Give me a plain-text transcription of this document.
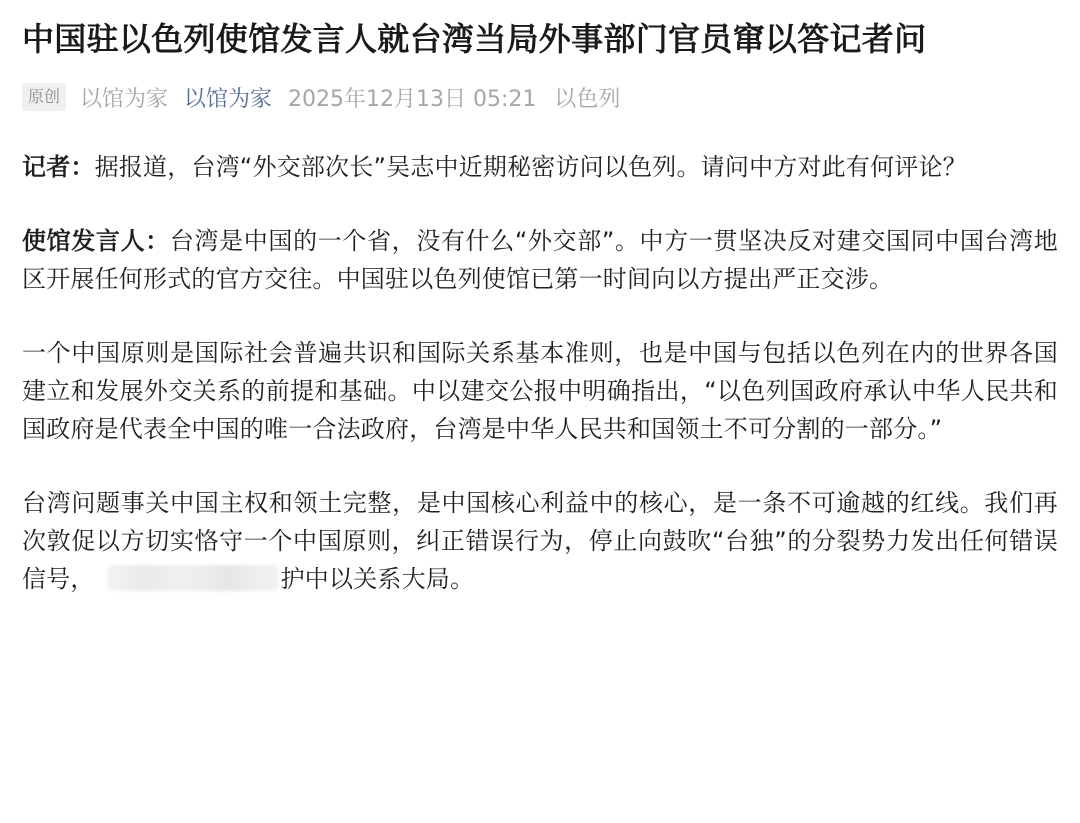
中国驻以色列使馆发言人就台湾当局外事部门官员窜以答记者问
原创 以馆为家 以馆为家 2025年12月13日 05:21 以色列

记者：据报道，台湾“外交部次长”吴志中近期秘密访问以色列。请问中方对此有何评论？

使馆发言人：台湾是中国的一个省，没有什么“外交部”。中方一贯坚决反对建交国同中国台湾地区开展任何形式的官方交往。中国驻以色列使馆已第一时间向以方提出严正交涉。

一个中国原则是国际社会普遍共识和国际关系基本准则，也是中国与包括以色列在内的世界各国建立和发展外交关系的前提和基础。中以建交公报中明确指出，“以色列国政府承认中华人民共和国政府是代表全中国的唯一合法政府，台湾是中华人民共和国领土不可分割的一部分。”

台湾问题事关中国主权和领土完整，是中国核心利益中的核心，是一条不可逾越的红线。我们再次敦促以方切实恪守一个中国原则，纠正错误行为，停止向鼓吹“台独”的分裂势力发出任何错误信号，	护中以关系大局。
